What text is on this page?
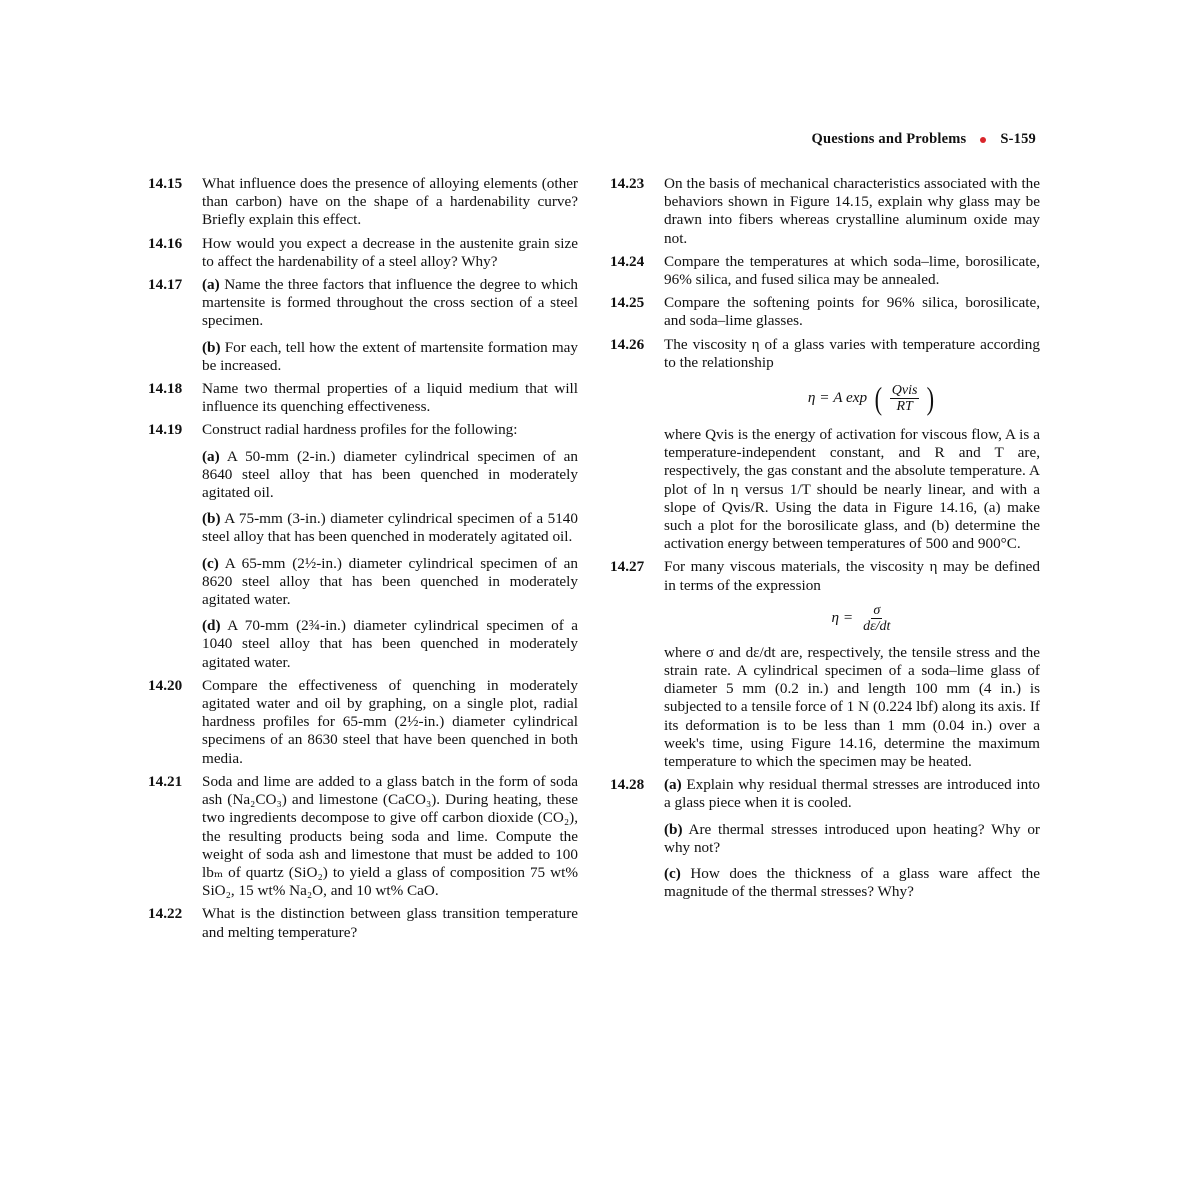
Questions and Problems S-159
14.15 What influence does the presence of alloying elements (other than carbon) have on the shape of a hardenability curve? Briefly explain this effect.
14.16 How would you expect a decrease in the austenite grain size to affect the hardenability of a steel alloy? Why?
14.17 (a) Name the three factors that influence the degree to which martensite is formed throughout the cross section of a steel specimen.
(b) For each, tell how the extent of martensite formation may be increased.
14.18 Name two thermal properties of a liquid medium that will influence its quenching effectiveness.
14.19 Construct radial hardness profiles for the following:
(a) A 50-mm (2-in.) diameter cylindrical specimen of an 8640 steel alloy that has been quenched in moderately agitated oil.
(b) A 75-mm (3-in.) diameter cylindrical specimen of a 5140 steel alloy that has been quenched in moderately agitated oil.
(c) A 65-mm (2½-in.) diameter cylindrical specimen of an 8620 steel alloy that has been quenched in moderately agitated water.
(d) A 70-mm (2¾-in.) diameter cylindrical specimen of a 1040 steel alloy that has been quenched in moderately agitated water.
14.20 Compare the effectiveness of quenching in moderately agitated water and oil by graphing, on a single plot, radial hardness profiles for 65-mm (2½-in.) diameter cylindrical specimens of an 8630 steel that have been quenched in both media.
14.21 Soda and lime are added to a glass batch in the form of soda ash (Na₂CO₃) and limestone (CaCO₃). During heating, these two ingredients decompose to give off carbon dioxide (CO₂), the resulting products being soda and lime. Compute the weight of soda ash and limestone that must be added to 100 lbₘ of quartz (SiO₂) to yield a glass of composition 75 wt% SiO₂, 15 wt% Na₂O, and 10 wt% CaO.
14.22 What is the distinction between glass transition temperature and melting temperature?
14.23 On the basis of mechanical characteristics associated with the behaviors shown in Figure 14.15, explain why glass may be drawn into fibers whereas crystalline aluminum oxide may not.
14.24 Compare the temperatures at which soda–lime, borosilicate, 96% silica, and fused silica may be annealed.
14.25 Compare the softening points for 96% silica, borosilicate, and soda–lime glasses.
14.26 The viscosity η of a glass varies with temperature according to the relationship
η = A exp ( $\frac{\text{Qvis}}{RT}$ )
where Qvis is the energy of activation for viscous flow, A is a temperature-independent constant, and R and T are, respectively, the gas constant and the absolute temperature. A plot of ln η versus 1/T should be nearly linear, and with a slope of Qvis/R. Using the data in Figure 14.16, (a) make such a plot for the borosilicate glass, and (b) determine the activation energy between temperatures of 500 and 900°C.
14.27 For many viscous materials, the viscosity η may be defined in terms of the expression
$\eta = \frac{\sigma}{d\varepsilon/dt}$
where σ and dε/dt are, respectively, the tensile stress and the strain rate. A cylindrical specimen of a soda–lime glass of diameter 5 mm (0.2 in.) and length 100 mm (4 in.) is subjected to a tensile force of 1 N (0.224 lbf) along its axis. If its deformation is to be less than 1 mm (0.04 in.) over a week's time, using Figure 14.16, determine the maximum temperature to which the specimen may be heated.
14.28 (a) Explain why residual thermal stresses are introduced into a glass piece when it is cooled.
(b) Are thermal stresses introduced upon heating? Why or why not?
(c) How does the thickness of a glass ware affect the magnitude of the thermal stresses? Why?
